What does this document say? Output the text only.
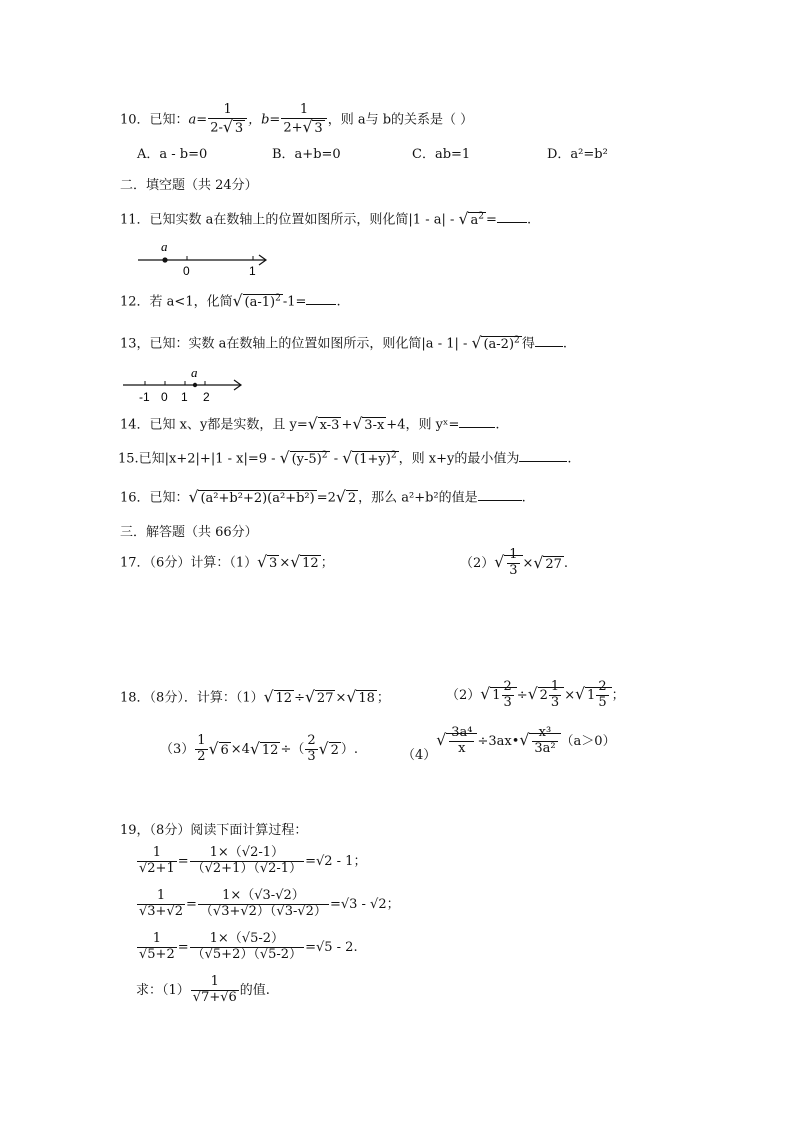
10．已知：$a= \frac{1}{2-√ 3}$ ，$b= \frac{1}{2+√ 3}$ ，则 a与 b的关系是（ ）
A．a - b=0	B．a+b=0	C．ab=1	D．a²=b²
二．填空题（共 24分）
11．已知实数 a在数轴上的位置如图所示，则化简|1 - a| - √ $a^2$ = .
a
0	1
12．若 a<1，化简√ $(a-1)^2$ -1= .
13，已知：实数 a在数轴上的位置如图所示，则化简|a - 1| - √ $(a-2)^2$ 得 .
a
-1 0 1 2
14．已知 x、y都是实数，且 y=√ x-3 +√ 3-x +4，则 yˣ=	.
15.已知|x+2|+|1 - x|=9 - √ $(y-5)^2$ - √ $(1+y)^2$ ，则 x+y的最小值为	.
16．已知：√ (a²+b²+2)(a²+b²) =2√ 2 ，那么 a²+b²的值是	.
三．解答题（共 66分）
17．（6分）计算：（1）√ 3 ×√ 12 ；	$(2)√ \frac{1}{3}$ ×√ 27 .
18．（8分）．计算：（1）√ 12 ÷√ 27 ×√ 18 ；	（2）√ $1 \frac{2}{3}$ ÷√ $2 \frac{1}{3}$ ×√ $1 \frac{2}{5}$ ；
$(3) \frac{1}{2}$ √ 6 ×4√ 12 ÷（ $\frac{2}{3}$ √ 2 ）.	$(4)√ \frac{\text{3a⁴}}{x}$ ÷3ax•√ $\frac{\text{x³}}{\text{3a²}} (a>0)$
19，（8分）阅读下面计算过程：
$\frac{1}{√2+1} = \frac{1\times(√2-1)}{(√2+1)(√2-1)} =√2 - 1$；
$\frac{1}{√3+√2} = \frac{1\times(√3-√2)}{(√3+√2)(√3-√2)} =√3 - √2$；
$\frac{1}{√5+2} = \frac{1\times(√5-2)}{(√5+2)(√5-2)} =√5 - 2$.
求：$(1) \frac{1}{√7+√6}$ 的值.
